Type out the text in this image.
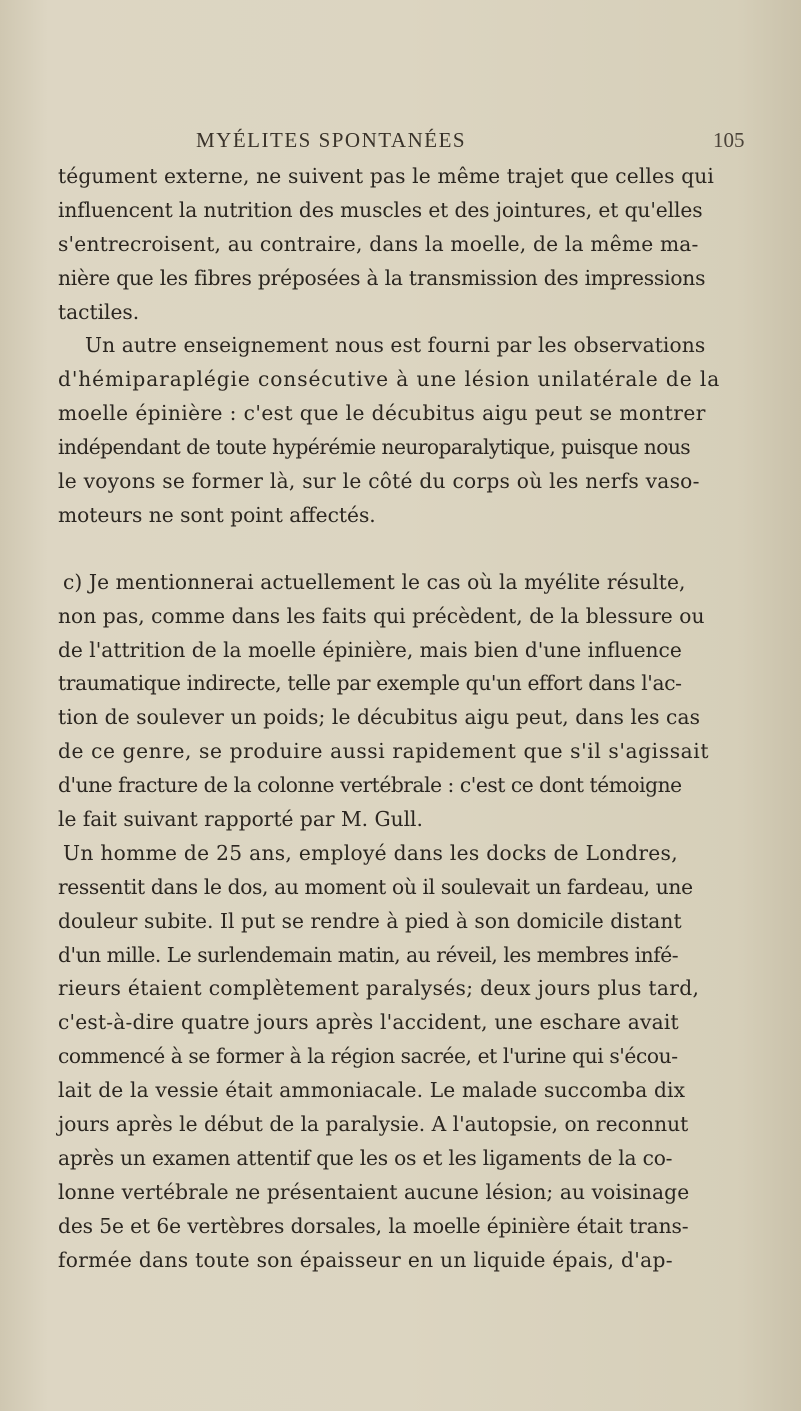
MYÉLITES SPONTANÉES	105
tégument externe, ne suivent pas le même trajet que celles qui
influencent la nutrition des muscles et des jointures, et qu'elles
s'entrecroisent, au contraire, dans la moelle, de la même ma-
nière que les fibres préposées à la transmission des impressions
tactiles.
Un autre enseignement nous est fourni par les observations
d'hémiparaplégie consécutive à une lésion unilatérale de la
moelle épinière : c'est que le décubitus aigu peut se montrer
indépendant de toute hypérémie neuroparalytique, puisque nous
le voyons se former là, sur le côté du corps où les nerfs vaso-
moteurs ne sont point affectés.
c) Je mentionnerai actuellement le cas où la myélite résulte,
non pas, comme dans les faits qui précèdent, de la blessure ou
de l'attrition de la moelle épinière, mais bien d'une influence
traumatique indirecte, telle par exemple qu'un effort dans l'ac-
tion de soulever un poids; le décubitus aigu peut, dans les cas
de ce genre, se produire aussi rapidement que s'il s'agissait
d'une fracture de la colonne vertébrale : c'est ce dont témoigne
le fait suivant rapporté par M. Gull.
Un homme de 25 ans, employé dans les docks de Londres,
ressentit dans le dos, au moment où il soulevait un fardeau, une
douleur subite. Il put se rendre à pied à son domicile distant
d'un mille. Le surlendemain matin, au réveil, les membres infé-
rieurs étaient complètement paralysés; deux jours plus tard,
c'est-à-dire quatre jours après l'accident, une eschare avait
commencé à se former à la région sacrée, et l'urine qui s'écou-
lait de la vessie était ammoniacale. Le malade succomba dix
jours après le début de la paralysie. A l'autopsie, on reconnut
après un examen attentif que les os et les ligaments de la co-
lonne vertébrale ne présentaient aucune lésion; au voisinage
des 5e et 6e vertèbres dorsales, la moelle épinière était trans-
formée dans toute son épaisseur en un liquide épais, d'ap-
